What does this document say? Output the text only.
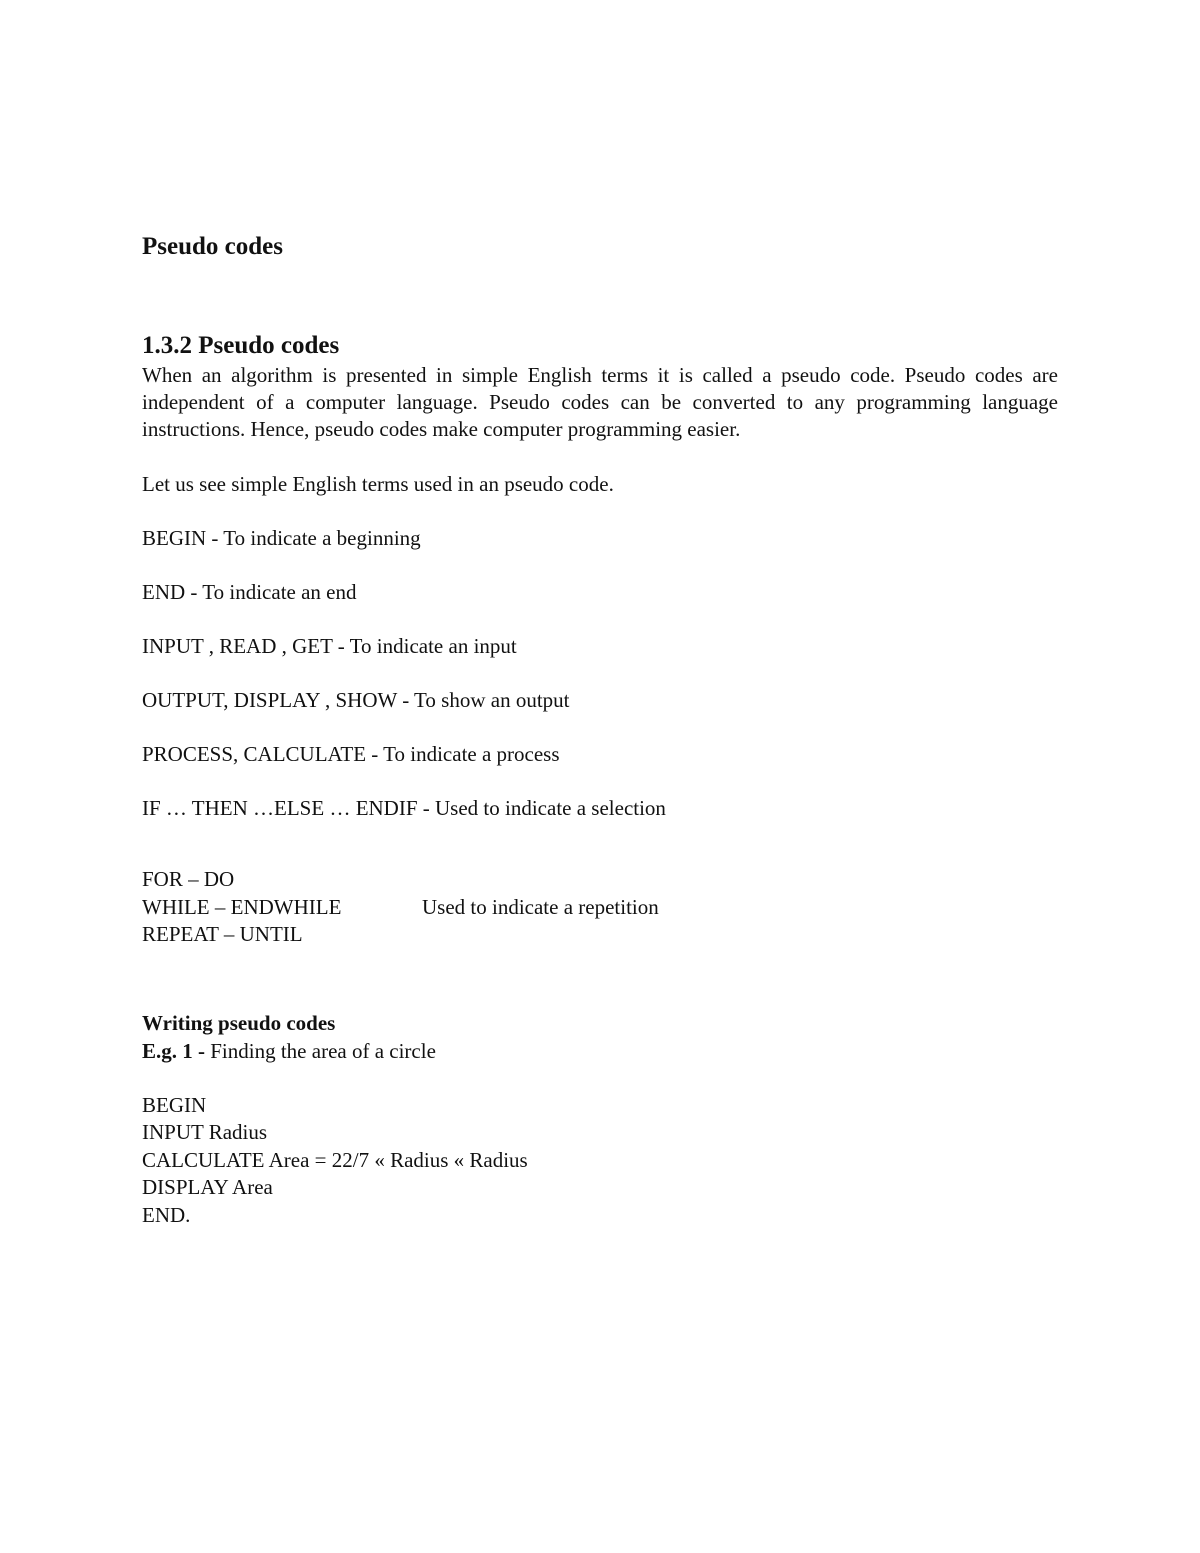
Pseudo codes
1.3.2 Pseudo codes
When an algorithm is presented in simple English terms it is called a pseudo code. Pseudo codes are independent of a computer language. Pseudo codes can be converted to any programming language instructions. Hence, pseudo codes make computer programming easier.
Let us see simple English terms used in an pseudo code.
BEGIN - To indicate a beginning
END - To indicate an end
INPUT , READ , GET - To indicate an input
OUTPUT, DISPLAY , SHOW - To show an output
PROCESS, CALCULATE - To indicate a process
IF … THEN …ELSE … ENDIF - Used to indicate a selection
FOR – DO
WHILE – ENDWHILE	Used to indicate a repetition
REPEAT – UNTIL
Writing pseudo codes
E.g. 1 - Finding the area of a circle
BEGIN
INPUT Radius
CALCULATE Area = 22/7 « Radius « Radius
DISPLAY Area
END.
